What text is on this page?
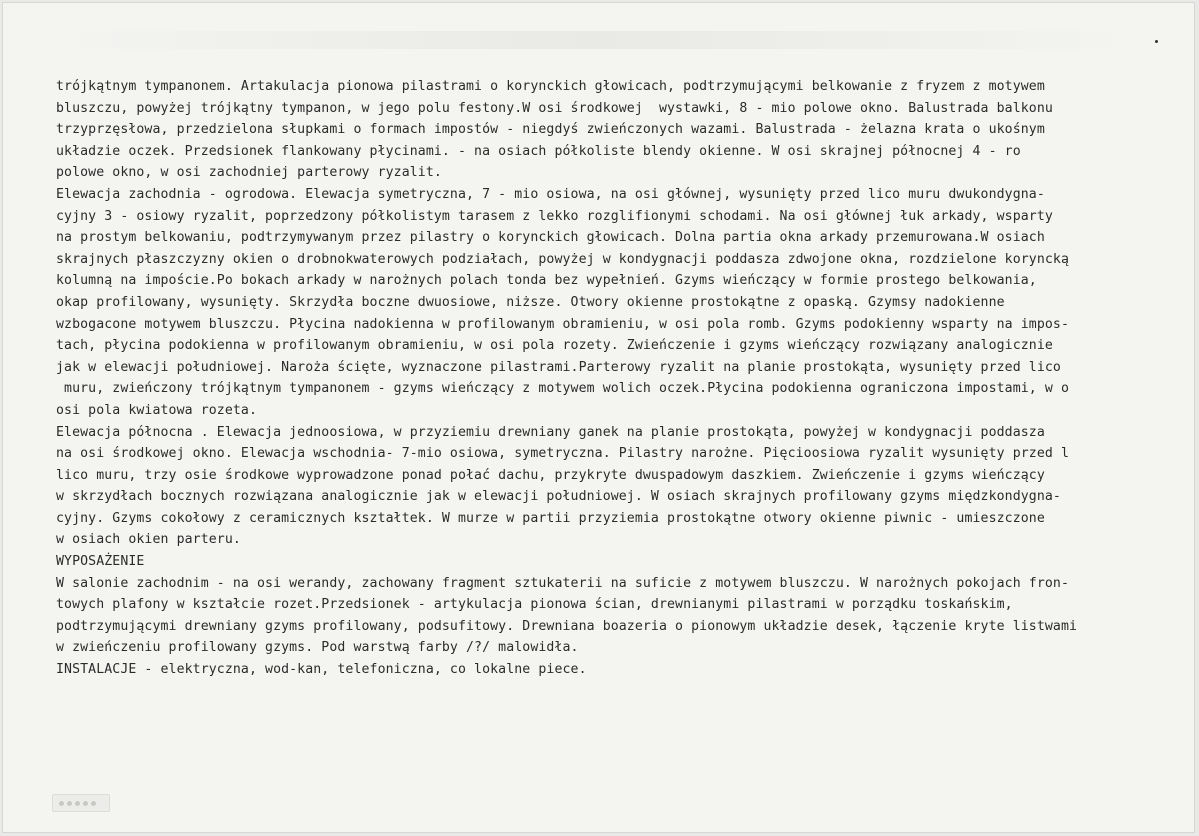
trójkątnym tympanonem. Artakulacja pionowa pilastrami o korynckich głowicach, podtrzymującymi belkowanie z fryzem z motywem
bluszczu, powyżej trójkątny tympanon, w jego polu festony.W osi środkowej  wystawki, 8 - mio polowe okno. Balustrada balkonu
trzyprzęsłowa, przedzielona słupkami o formach impostów - niegdyś zwieńczonych wazami. Balustrada - żelazna krata o ukośnym
układzie oczek. Przedsionek flankowany płycinami. - na osiach półkoliste blendy okienne. W osi skrajnej północnej 4 - ro
polowe okno, w osi zachodniej parterowy ryzalit.
Elewacja zachodnia - ogrodowa. Elewacja symetryczna, 7 - mio osiowa, na osi głównej, wysunięty przed lico muru dwukondygna-
cyjny 3 - osiowy ryzalit, poprzedzony półkolistym tarasem z lekko rozglifionymi schodami. Na osi głównej łuk arkady, wsparty
na prostym belkowaniu, podtrzymywanym przez pilastry o korynckich głowicach. Dolna partia okna arkady przemurowana.W osiach
skrajnych płaszczyzny okien o drobnokwaterowych podziałach, powyżej w kondygnacji poddasza zdwojone okna, rozdzielone koryncką
kolumną na impoście.Po bokach arkady w narożnych polach tonda bez wypełnień. Gzyms wieńczący w formie prostego belkowania,
okap profilowany, wysunięty. Skrzydła boczne dwuosiowe, niższe. Otwory okienne prostokątne z opaską. Gzymsy nadokienne
wzbogacone motywem bluszczu. Płycina nadokienna w profilowanym obramieniu, w osi pola romb. Gzyms podokienny wsparty na impos-
tach, płycina podokienna w profilowanym obramieniu, w osi pola rozety. Zwieńczenie i gzyms wieńczący rozwiązany analogicznie
jak w elewacji południowej. Naroża ścięte, wyznaczone pilastrami.Parterowy ryzalit na planie prostokąta, wysunięty przed lico
muru, zwieńczony trójkątnym tympanonem - gzyms wieńczący z motywem wolich oczek.Płycina podokienna ograniczona impostami, w o
osi pola kwiatowa rozeta.
Elewacja północna . Elewacja jednoosiowa, w przyziemiu drewniany ganek na planie prostokąta, powyżej w kondygnacji poddasza
na osi środkowej okno. Elewacja wschodnia- 7-mio osiowa, symetryczna. Pilastry narożne. Pięcioosiowa ryzalit wysunięty przed l
lico muru, trzy osie środkowe wyprowadzone ponad połać dachu, przykryte dwuspadowym daszkiem. Zwieńczenie i gzyms wieńczący
w skrzydłach bocznych rozwiązana analogicznie jak w elewacji południowej. W osiach skrajnych profilowany gzyms międzkondygna-
cyjny. Gzyms cokołowy z ceramicznych kształtek. W murze w partii przyziemia prostokątne otwory okienne piwnic - umieszczone
w osiach okien parteru.
WYPOSAŻENIE
W salonie zachodnim - na osi werandy, zachowany fragment sztukaterii na suficie z motywem bluszczu. W narożnych pokojach fron-
towych plafony w kształcie rozet.Przedsionek - artykulacja pionowa ścian, drewnianymi pilastrami w porządku toskańskim,
podtrzymującymi drewniany gzyms profilowany, podsufitowy. Drewniana boazeria o pionowym układzie desek, łączenie kryte listwami
w zwieńczeniu profilowany gzyms. Pod warstwą farby /?/ malowidła.
INSTALACJE - elektryczna, wod-kan, telefoniczna, co lokalne piece.
